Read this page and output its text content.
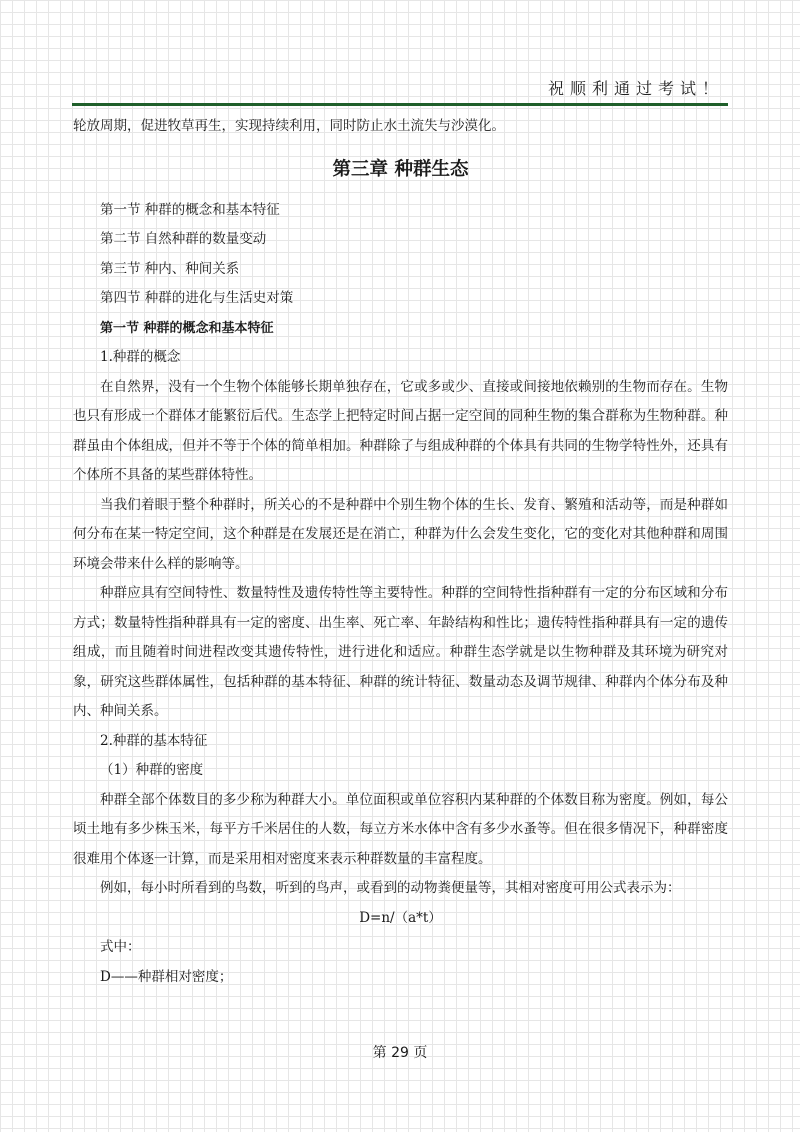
祝顺利通过考试！

轮放周期，促进牧草再生，实现持续利用，同时防止水土流失与沙漠化。

第三章 种群生态

第一节 种群的概念和基本特征

第二节 自然种群的数量变动

第三节 种内、种间关系

第四节 种群的进化与生活史对策

第一节 种群的概念和基本特征

1.种群的概念

在自然界，没有一个生物个体能够长期单独存在，它或多或少、直接或间接地依赖别的生物而存在。生物也只有形成一个群体才能繁衍后代。生态学上把特定时间占据一定空间的同种生物的集合群称为生物种群。种群虽由个体组成，但并不等于个体的简单相加。种群除了与组成种群的个体具有共同的生物学特性外，还具有个体所不具备的某些群体特性。

当我们着眼于整个种群时，所关心的不是种群中个别生物个体的生长、发育、繁殖和活动等，而是种群如何分布在某一特定空间，这个种群是在发展还是在消亡，种群为什么会发生变化，它的变化对其他种群和周围环境会带来什么样的影响等。

种群应具有空间特性、数量特性及遗传特性等主要特性。种群的空间特性指种群有一定的分布区域和分布方式；数量特性指种群具有一定的密度、出生率、死亡率、年龄结构和性比；遗传特性指种群具有一定的遗传组成，而且随着时间进程改变其遗传特性，进行进化和适应。种群生态学就是以生物种群及其环境为研究对象，研究这些群体属性，包括种群的基本特征、种群的统计特征、数量动态及调节规律、种群内个体分布及种内、种间关系。

2.种群的基本特征

（1）种群的密度

种群全部个体数目的多少称为种群大小。单位面积或单位容积内某种群的个体数目称为密度。例如，每公顷土地有多少株玉米，每平方千米居住的人数，每立方米水体中含有多少水蚤等。但在很多情况下，种群密度很难用个体逐一计算，而是采用相对密度来表示种群数量的丰富程度。

例如，每小时所看到的鸟数，听到的鸟声，或看到的动物粪便量等，其相对密度可用公式表示为：

D=n/（a*t）

式中：

D——种群相对密度；

第 29 页
